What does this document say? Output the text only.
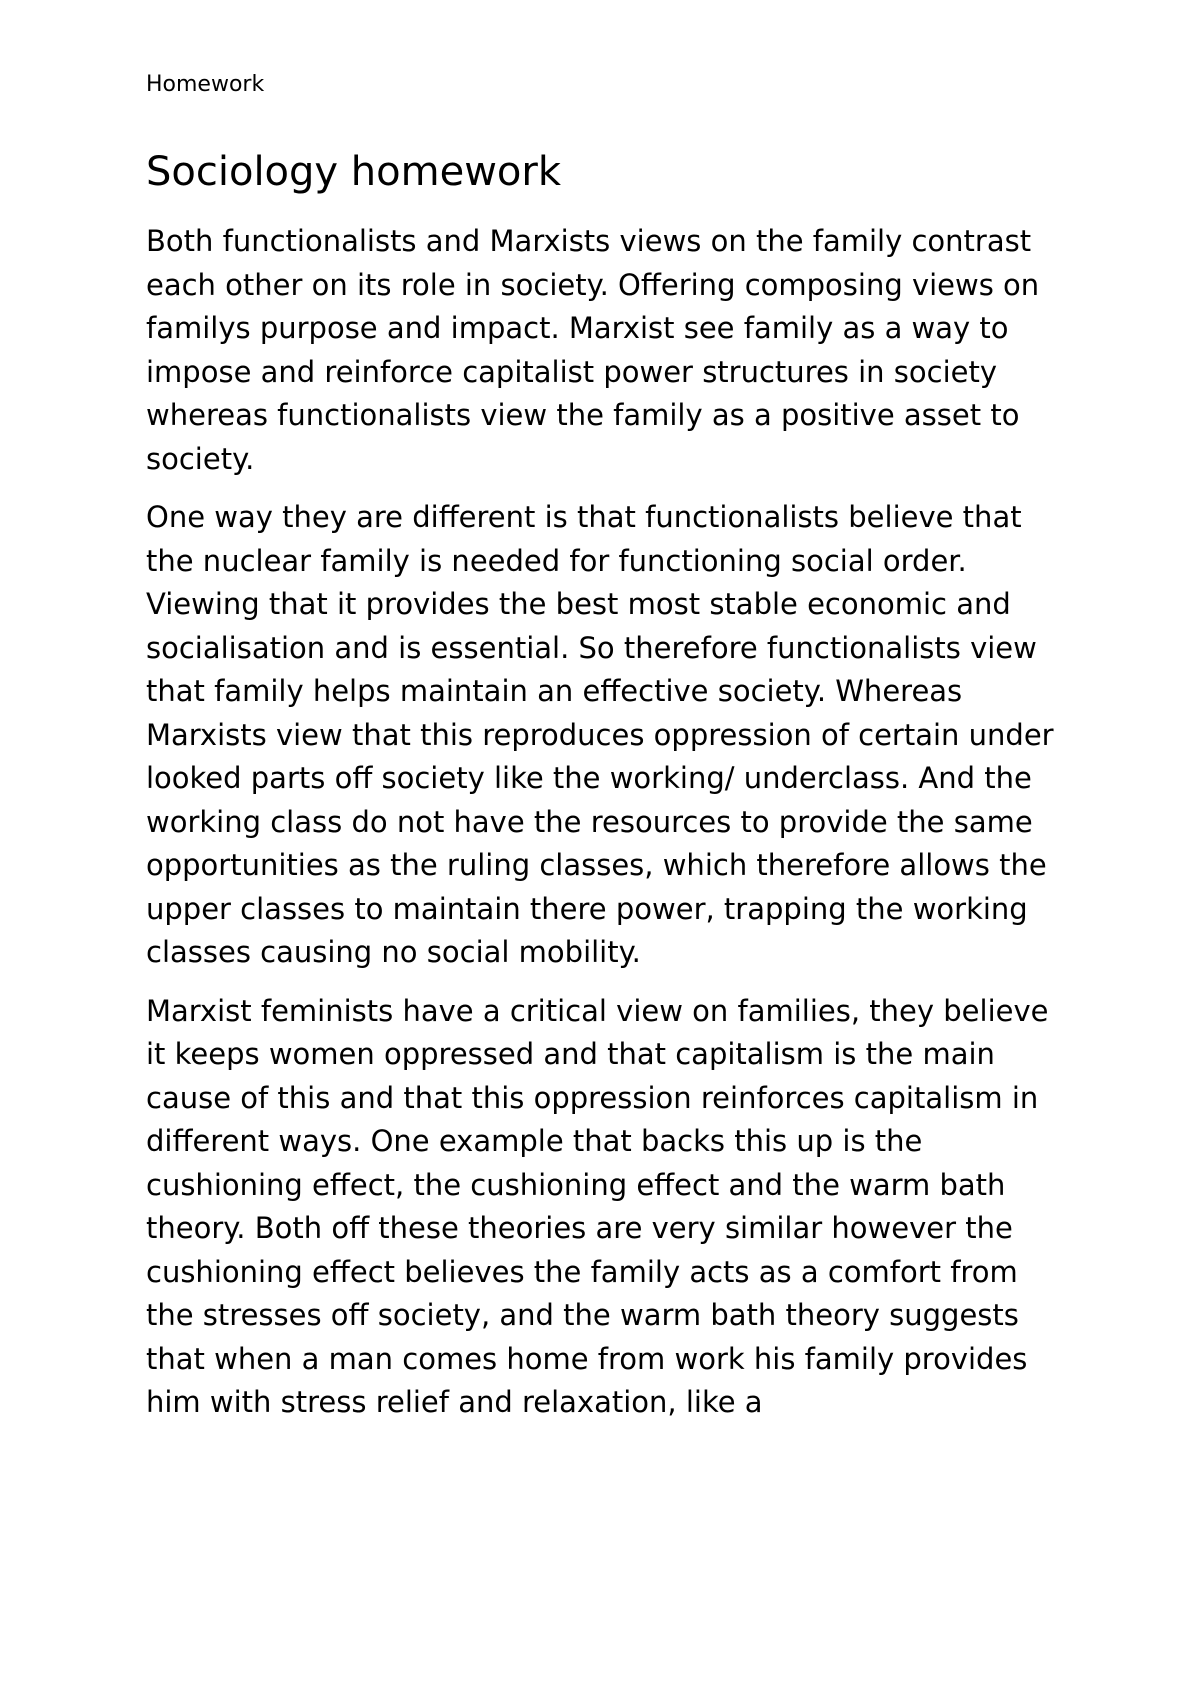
Homework
Sociology homework

Both functionalists and Marxists views on the family contrast each other on its role in society. Offering composing views on familys purpose and impact. Marxist see family as a way to impose and reinforce capitalist power structures in society whereas functionalists view the family as a positive asset to society.

One way they are different is that functionalists believe that the nuclear family is needed for functioning social order. Viewing that it provides the best most stable economic and socialisation and is essential. So therefore functionalists view that family helps maintain an effective society. Whereas Marxists view that this reproduces oppression of certain under looked parts off society like the working/ underclass. And the working class do not have the resources to provide the same opportunities as the ruling classes, which therefore allows the upper classes to maintain there power, trapping the working classes causing no social mobility.

Marxist feminists have a critical view on families, they believe it keeps women oppressed and that capitalism is the main cause of this and that this oppression reinforces capitalism in different ways. One example that backs this up is the cushioning effect, the cushioning effect and the warm bath theory. Both off these theories are very similar however the cushioning effect believes the family acts as a comfort from the stresses off society, and the warm bath theory suggests that when a man comes home from work his family provides him with stress relief and relaxation, like a
